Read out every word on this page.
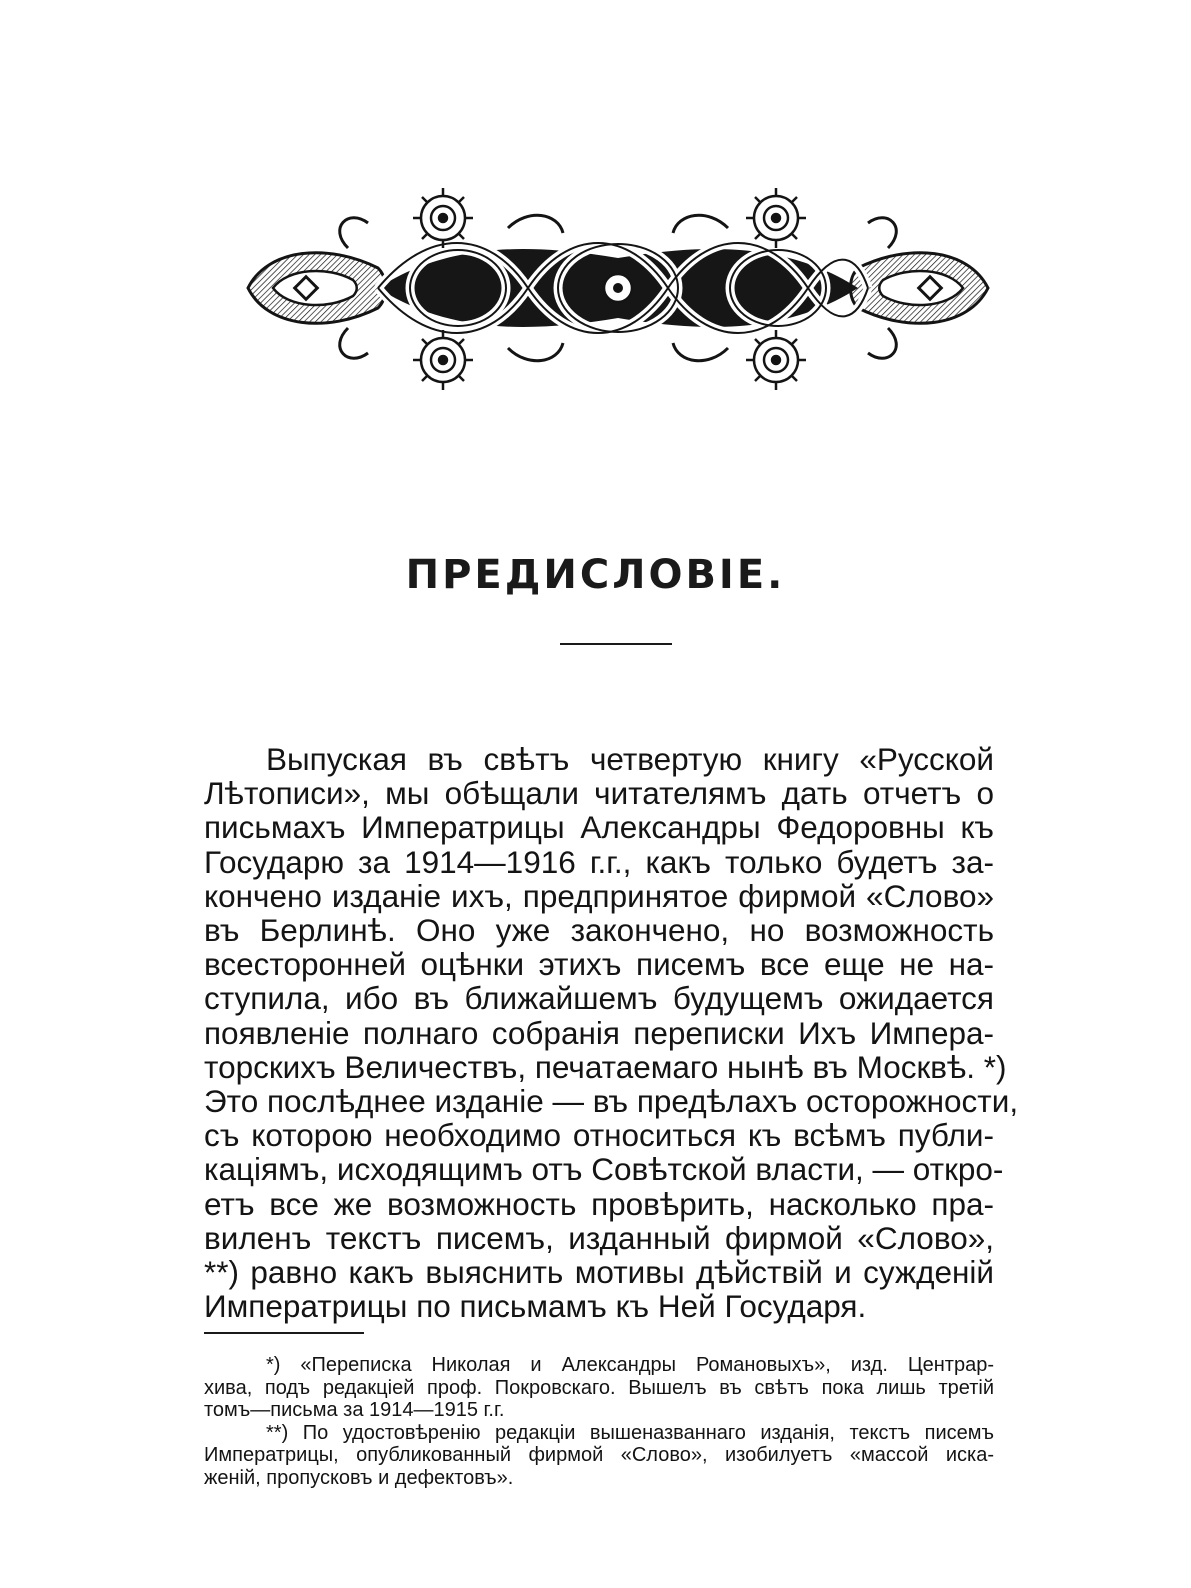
ПРЕДИСЛОВІЕ.
Выпуская въ свѣтъ четвертую книгу «Русской
Лѣтописи», мы обѣщали читателямъ дать отчетъ о
письмахъ Императрицы Александры Федоровны къ
Государю за 1914—1916 г.г., какъ только будетъ за-
кончено изданіе ихъ, предпринятое фирмой «Слово»
въ Берлинѣ. Оно уже закончено, но возможность
всесторонней оцѣнки этихъ писемъ все еще не на-
ступила, ибо въ ближайшемъ будущемъ ожидается
появленіе полнаго собранія переписки Ихъ Импера-
торскихъ Величествъ, печатаемаго нынѣ въ Москвѣ. *)
Это послѣднее изданіе — въ предѣлахъ осторожности,
съ которою необходимо относиться къ всѣмъ публи-
каціямъ, исходящимъ отъ Совѣтской власти, — откро-
етъ все же возможность провѣрить, насколько пра-
виленъ текстъ писемъ, изданный фирмой «Слово»,
**) равно какъ выяснить мотивы дѣйствій и сужденій
Императрицы по письмамъ къ Ней Государя.
*) «Переписка Николая и Александры Романовыхъ», изд. Центрар-
хива, подъ редакціей проф. Покровскаго. Вышелъ въ свѣтъ пока лишь третій
томъ—письма за 1914—1915 г.г.
**) По удостовѣренію редакціи вышеназваннаго изданія, текстъ писемъ
Императрицы, опубликованный фирмой «Слово», изобилуетъ «массой иска-
женій, пропусковъ и дефектовъ».
